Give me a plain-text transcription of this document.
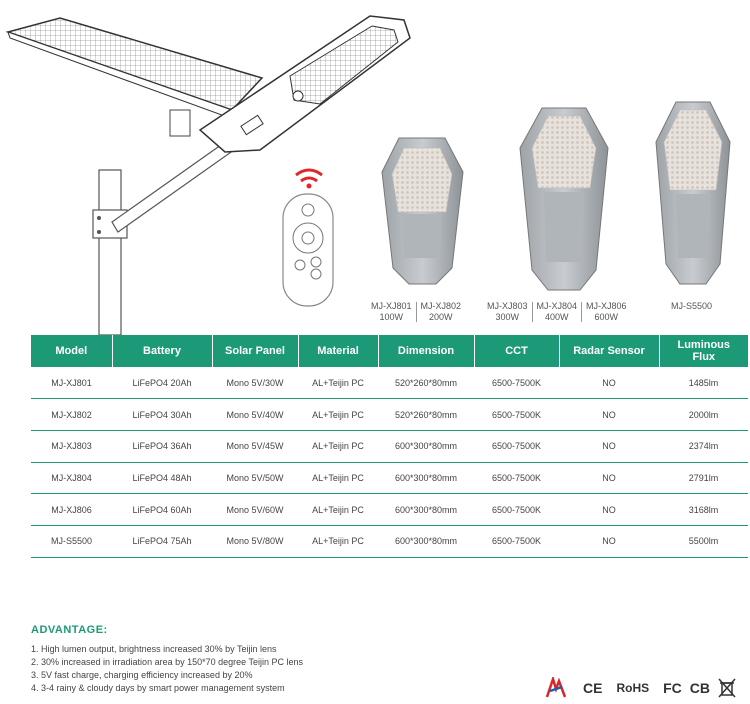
MJ-XJ801
100WMJ-XJ802
200W
MJ-XJ803
300WMJ-XJ804
400WMJ-XJ806
600W
MJ-S5500
Model	Battery	Solar Panel	Material	Dimension	CCT	Radar Sensor	Luminous Flux
MJ-XJ801	LiFePO4 20Ah	Mono 5V/30W	AL+Teijin PC	520*260*80mm	6500-7500K	NO	1485lm
MJ-XJ802	LiFePO4 30Ah	Mono 5V/40W	AL+Teijin PC	520*260*80mm	6500-7500K	NO	2000lm
MJ-XJ803	LiFePO4 36Ah	Mono 5V/45W	AL+Teijin PC	600*300*80mm	6500-7500K	NO	2374lm
MJ-XJ804	LiFePO4 48Ah	Mono 5V/50W	AL+Teijin PC	600*300*80mm	6500-7500K	NO	2791lm
MJ-XJ806	LiFePO4 60Ah	Mono 5V/60W	AL+Teijin PC	600*300*80mm	6500-7500K	NO	3168lm
MJ-S5500	LiFePO4 75Ah	Mono 5V/80W	AL+Teijin PC	600*300*80mm	6500-7500K	NO	5500lm
ADVANTAGE:
1. High lumen output, brightness increased 30% by Teijin lens
2. 30% increased in irradiation area by 150*70 degree Teijin PC lens
3. 5V fast charge, charging efficiency increased by 20%
4. 3-4 rainy & cloudy days by smart power management system	CE RoHS FC CB
